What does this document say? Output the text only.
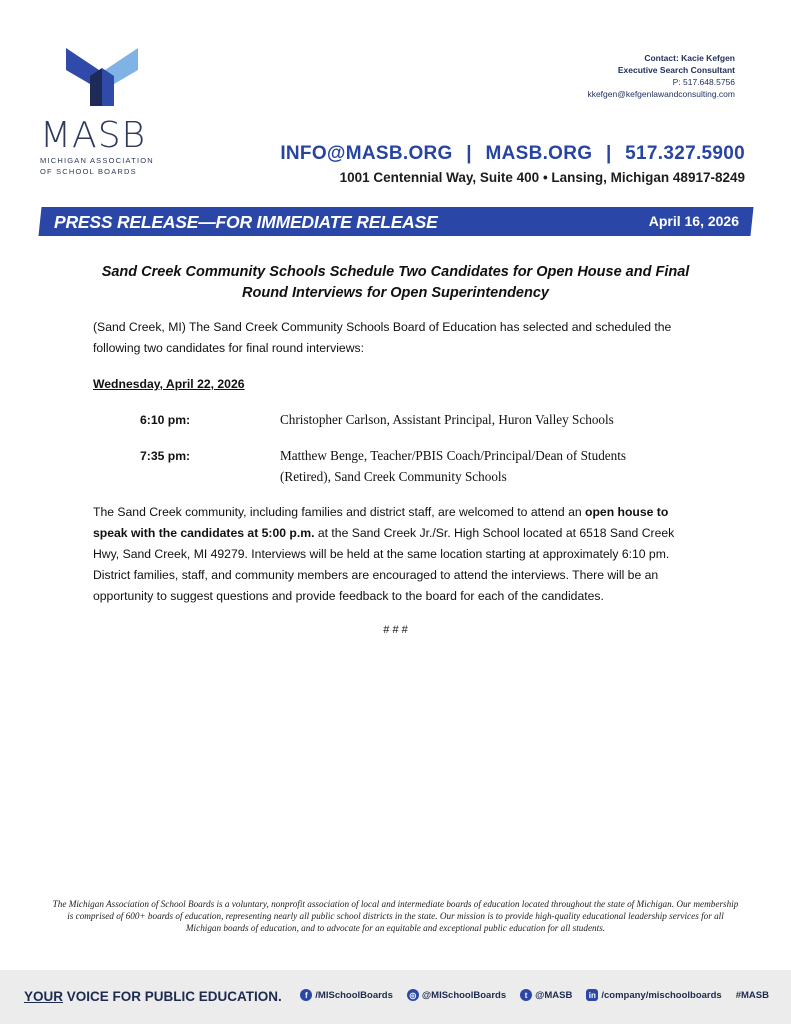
MASB
MICHIGAN ASSOCIATION
OF SCHOOL BOARDS
Contact: Kacie Kefgen
Executive Search Consultant
P: 517.648.5756
kkefgen@kefgenlawandconsulting.com
INFO@MASB.ORG | MASB.ORG | 517.327.5900
1001 Centennial Way, Suite 400 • Lansing, Michigan 48917-8249
PRESS RELEASE—FOR IMMEDIATE RELEASE	April 16, 2026
Sand Creek Community Schools Schedule Two Candidates for Open House and Final
Round Interviews for Open Superintendency
(Sand Creek, MI) The Sand Creek Community Schools Board of Education has selected and scheduled the following two candidates for final round interviews:
Wednesday, April 22, 2026
6:10 pm:	Christopher Carlson, Assistant Principal, Huron Valley Schools
7:35 pm:	Matthew Benge, Teacher/PBIS Coach/Principal/Dean of Students (Retired), Sand Creek Community Schools
The Sand Creek community, including families and district staff, are welcomed to attend an open house to speak with the candidates at 5:00 p.m. at the Sand Creek Jr./Sr. High School located at 6518 Sand Creek Hwy, Sand Creek, MI 49279. Interviews will be held at the same location starting at approximately 6:10 pm. District families, staff, and community members are encouraged to attend the interviews. There will be an opportunity to suggest questions and provide feedback to the board for each of the candidates.
# # #
The Michigan Association of School Boards is a voluntary, nonprofit association of local and intermediate boards of education located throughout the state of Michigan. Our membership is comprised of 600+ boards of education, representing nearly all public school districts in the state. Our mission is to provide high-quality educational leadership services for all Michigan boards of education, and to advocate for an equitable and exceptional public education for all students.
YOUR VOICE FOR PUBLIC EDUCATION.	f /MISchoolBoards	◎ @MISchoolBoards	t @MASB	in /company/mischoolboards #MASB
